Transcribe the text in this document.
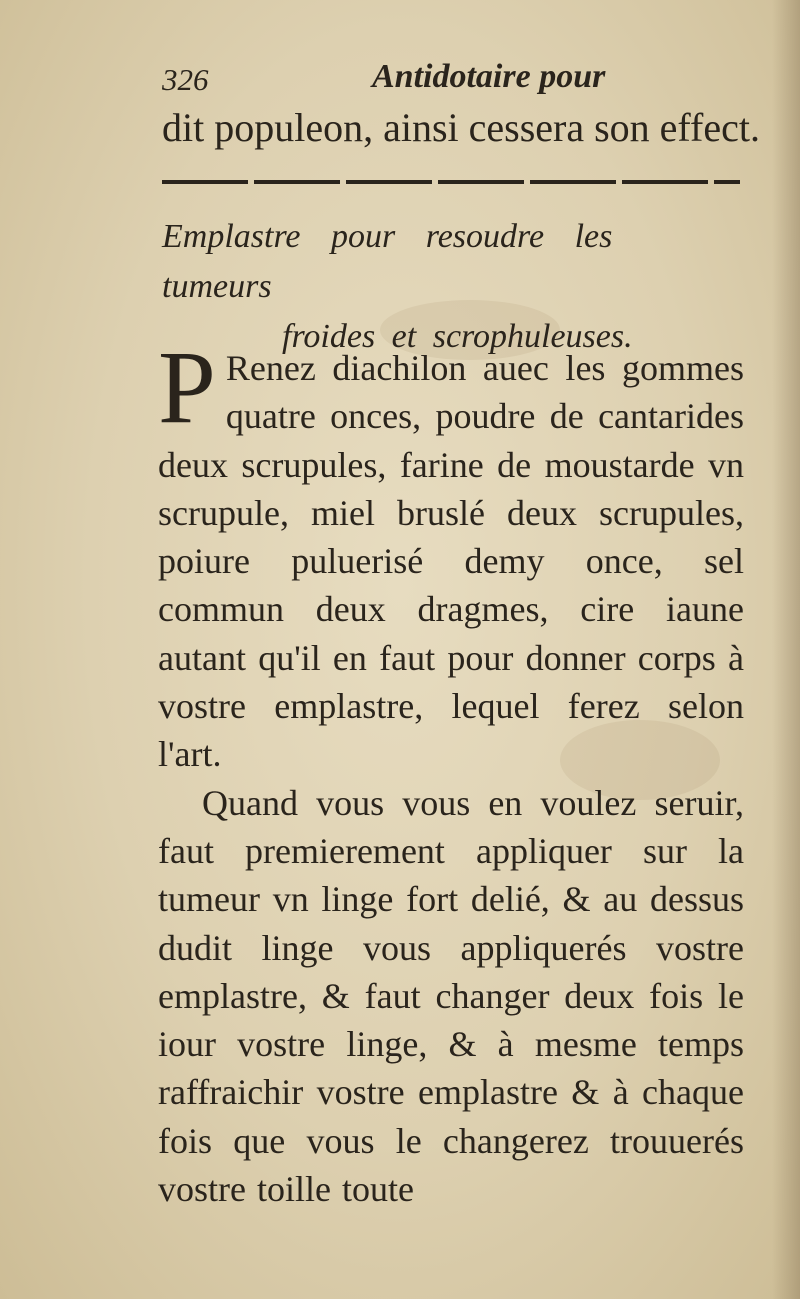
326	Antidotaire pour
dit populeon, ainsi cessera son effect.
Emplastre pour resoudre les tumeurs
froides et scrophuleuses.

P Renez diachilon auec les gommes quatre onces, poudre de cantarides deux scrupules, farine de moustarde vn scrupule, miel bruslé deux scrupules, poiure puluerisé demy once, sel commun deux dragmes, cire iaune autant qu'il en faut pour donner corps à vostre emplastre, lequel ferez selon l'art.

Quand vous vous en voulez seruir, faut premierement appliquer sur la tumeur vn linge fort delié, & au dessus dudit linge vous appliquerés vostre emplastre, & faut changer deux fois le iour vostre linge, & à mesme temps raffraichir vostre emplastre & à chaque fois que vous le changerez trouuerés vostre toille toute
